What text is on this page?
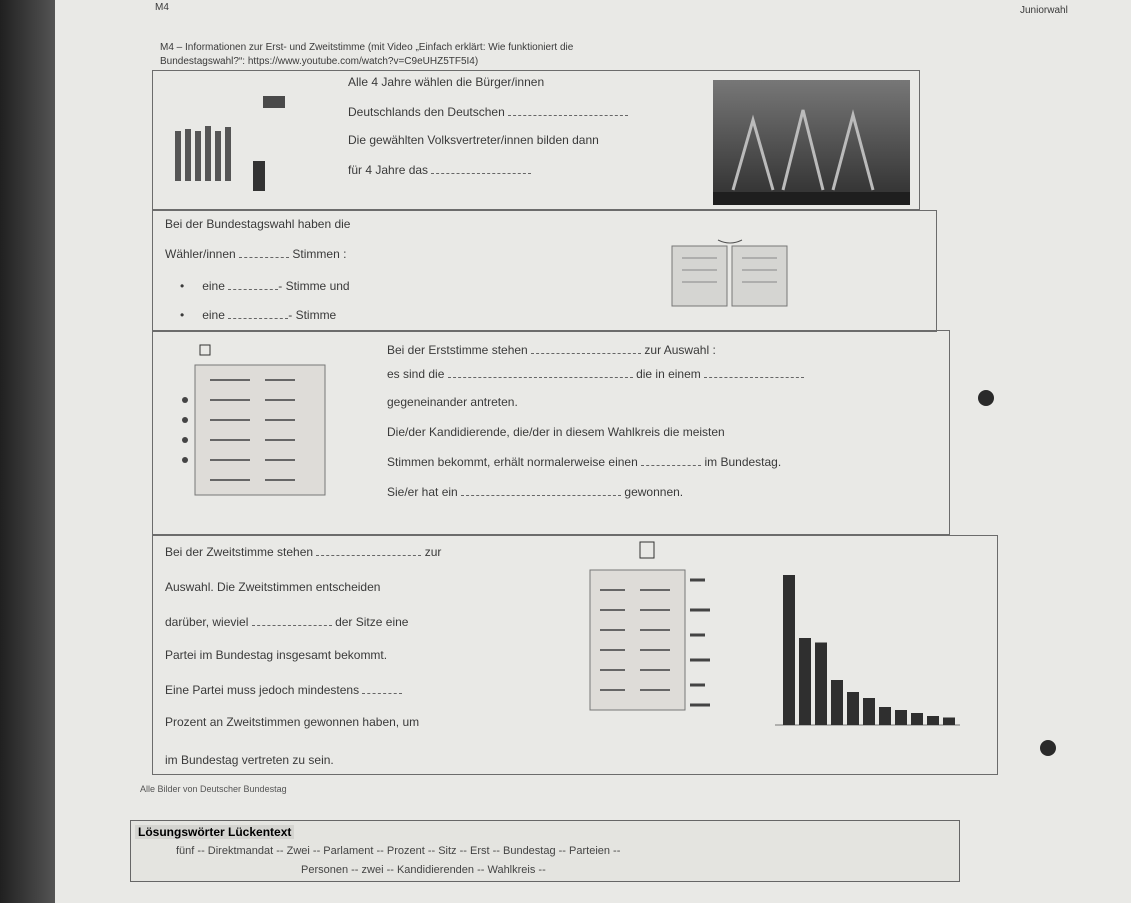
M4	Juniorwahl
M4 – Informationen zur Erst- und Zweitstimme (mit Video „Einfach erklärt: Wie funktioniert die
Bundestagswahl?“: https://www.youtube.com/watch?v=C9eUHZ5TF5I4)
Alle 4 Jahre wählen die Bürger/innen
Deutschlands den Deutschen
Die gewählten Volksvertreter/innen bilden dann
für 4 Jahre das
Bei der Bundestagswahl haben die
Wähler/innen	Stimmen :
• eine	- Stimme und
• eine	- Stimme
Bei der Erststimme stehen	zur Auswahl :
es sind die	die in einem
gegeneinander antreten.
Die/der Kandidierende, die/der in diesem Wahlkreis die meisten
Stimmen bekommt, erhält normalerweise einen	im Bundestag.
Sie/er hat ein	gewonnen.
Bei der Zweitstimme stehen	zur
Auswahl. Die Zweitstimmen entscheiden
darüber, wieviel	der Sitze eine
Partei im Bundestag insgesamt bekommt.
Eine Partei muss jedoch mindestens
Prozent an Zweitstimmen gewonnen haben, um
im Bundestag vertreten zu sein.
Alle Bilder von Deutscher Bundestag
Lösungswörter Lückentext
fünf -- Direktmandat -- Zwei -- Parlament -- Prozent -- Sitz -- Erst -- Bundestag -- Parteien --
Personen -- zwei -- Kandidierenden -- Wahlkreis --
